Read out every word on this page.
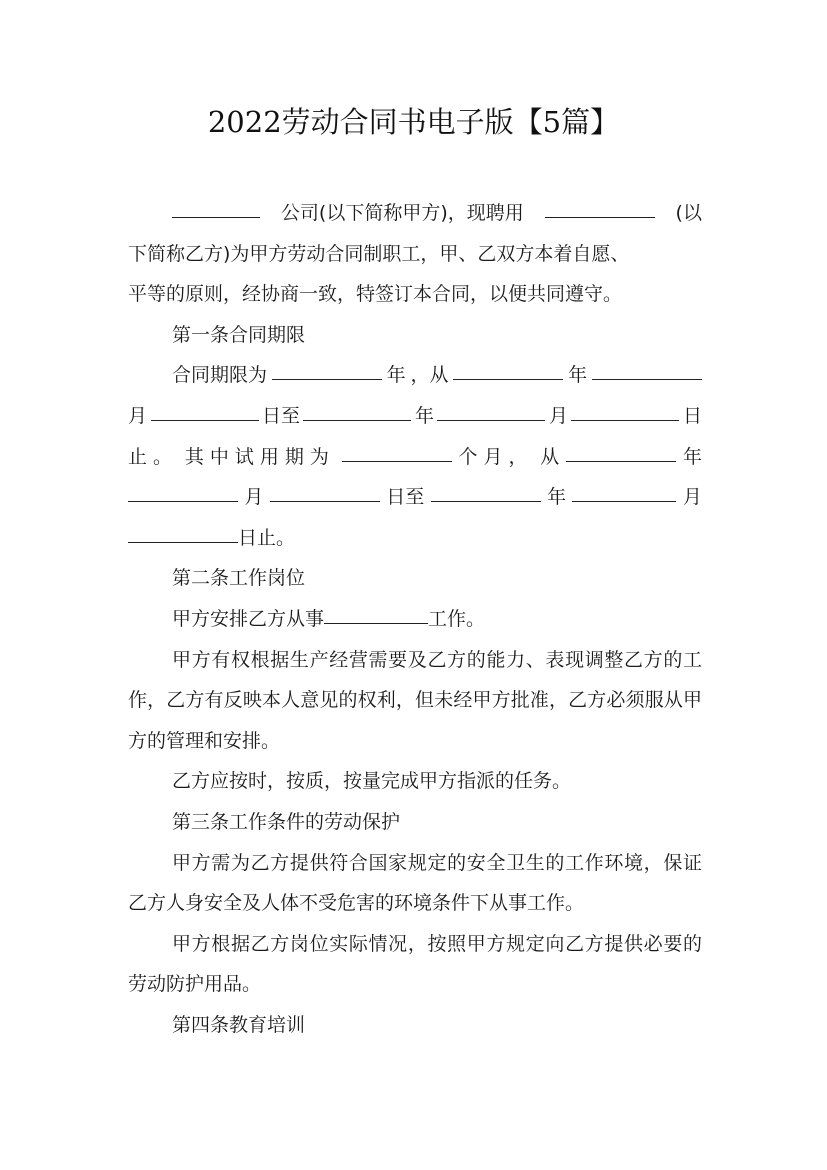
2022劳动合同书电子版【5篇】
公司(以下简称甲方)，现聘用	(以
下简称乙方)为甲方劳动合同制职工，甲、乙双方本着自愿、
平等的原则，经协商一致，特签订本合同，以便共同遵守。

第一条合同期限

合同期限为	年 ，从	年
月	日至	年	月	日
止。 其中试用期为	个月， 从	年
月	日至	年	月
日止。

第二条工作岗位

甲方安排乙方从事	工作。

甲方有权根据生产经营需要及乙方的能力、表现调整乙方的工作，乙方有反映本人意见的权利，但未经甲方批准，乙方必须服从甲方的管理和安排。

乙方应按时，按质，按量完成甲方指派的任务。

第三条工作条件的劳动保护

甲方需为乙方提供符合国家规定的安全卫生的工作环境，保证乙方人身安全及人体不受危害的环境条件下从事工作。

甲方根据乙方岗位实际情况，按照甲方规定向乙方提供必要的劳动防护用品。

第四条教育培训
